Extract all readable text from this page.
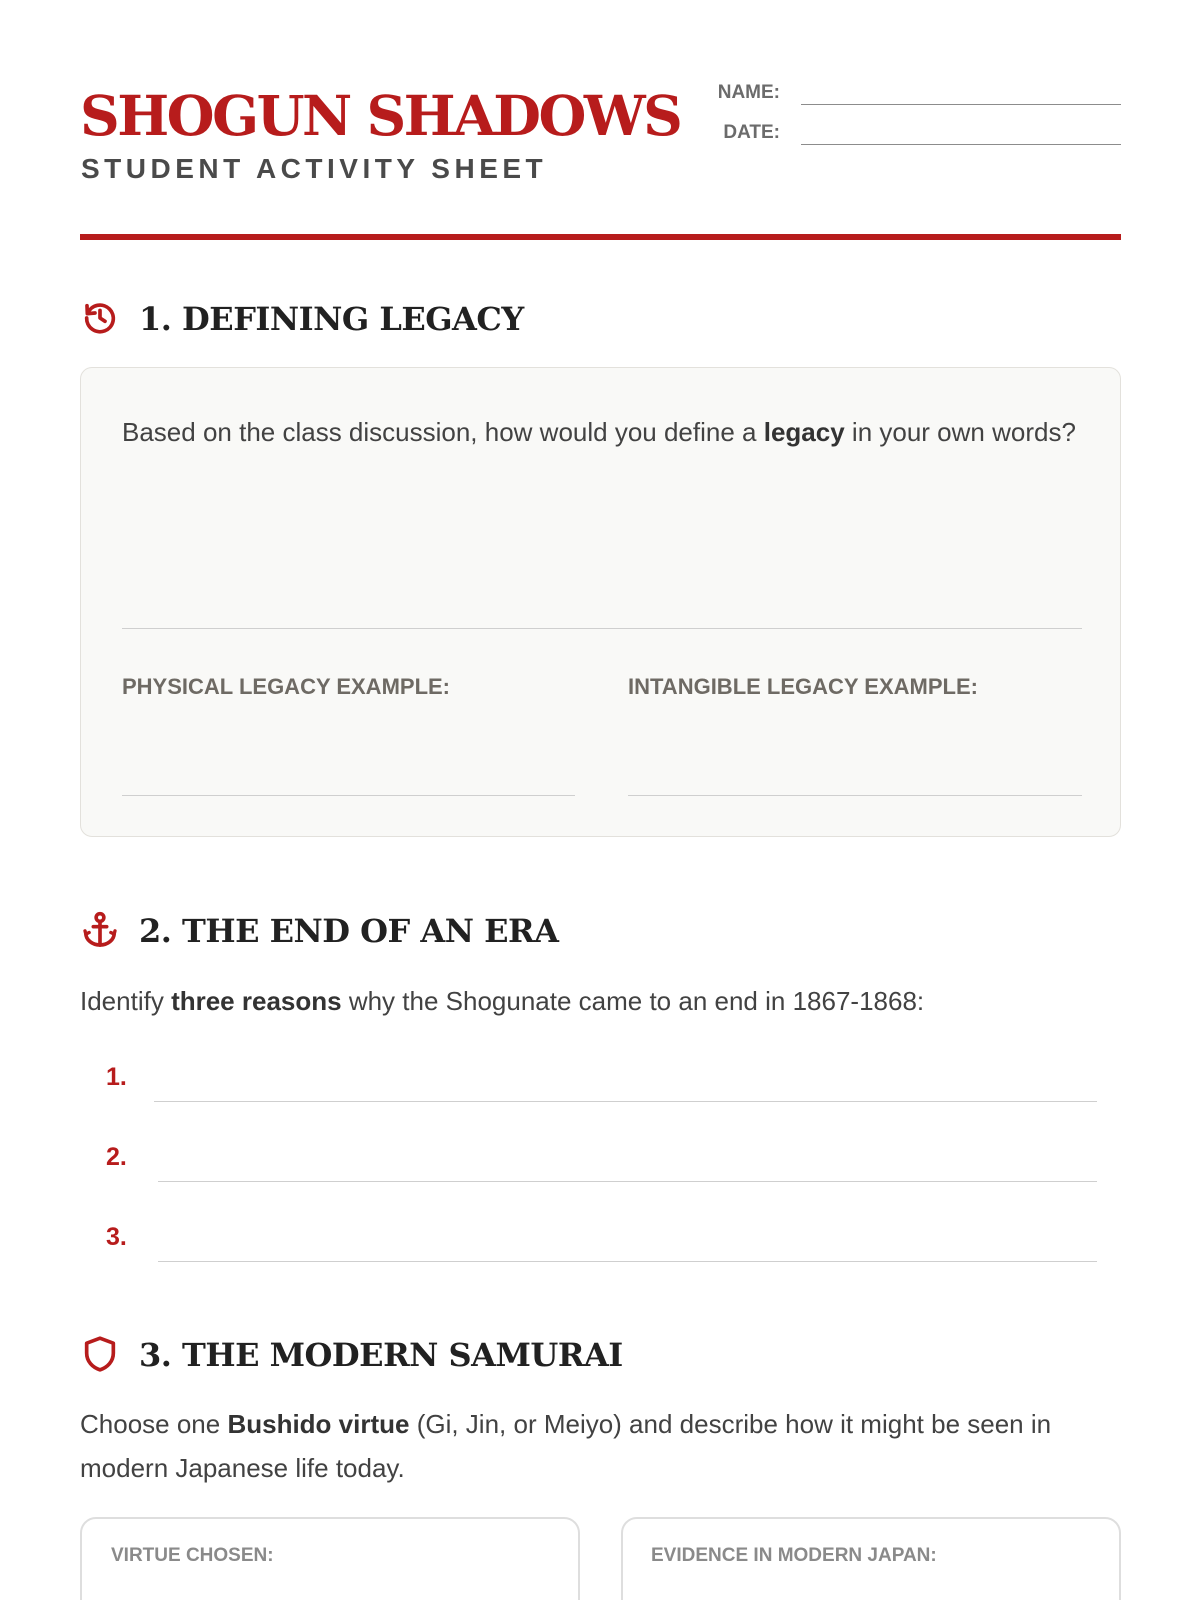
SHOGUN SHADOWS
STUDENT ACTIVITY SHEET
NAME:
DATE:
1. DEFINING LEGACY
Based on the class discussion, how would you define a legacy in your own words?
PHYSICAL LEGACY EXAMPLE:	INTANGIBLE LEGACY EXAMPLE:
2. THE END OF AN ERA
Identify three reasons why the Shogunate came to an end in 1867-1868:
1.
2.
3.
3. THE MODERN SAMURAI
Choose one Bushido virtue (Gi, Jin, or Meiyo) and describe how it might be seen in modern Japanese life today.
VIRTUE CHOSEN:	EVIDENCE IN MODERN JAPAN:
